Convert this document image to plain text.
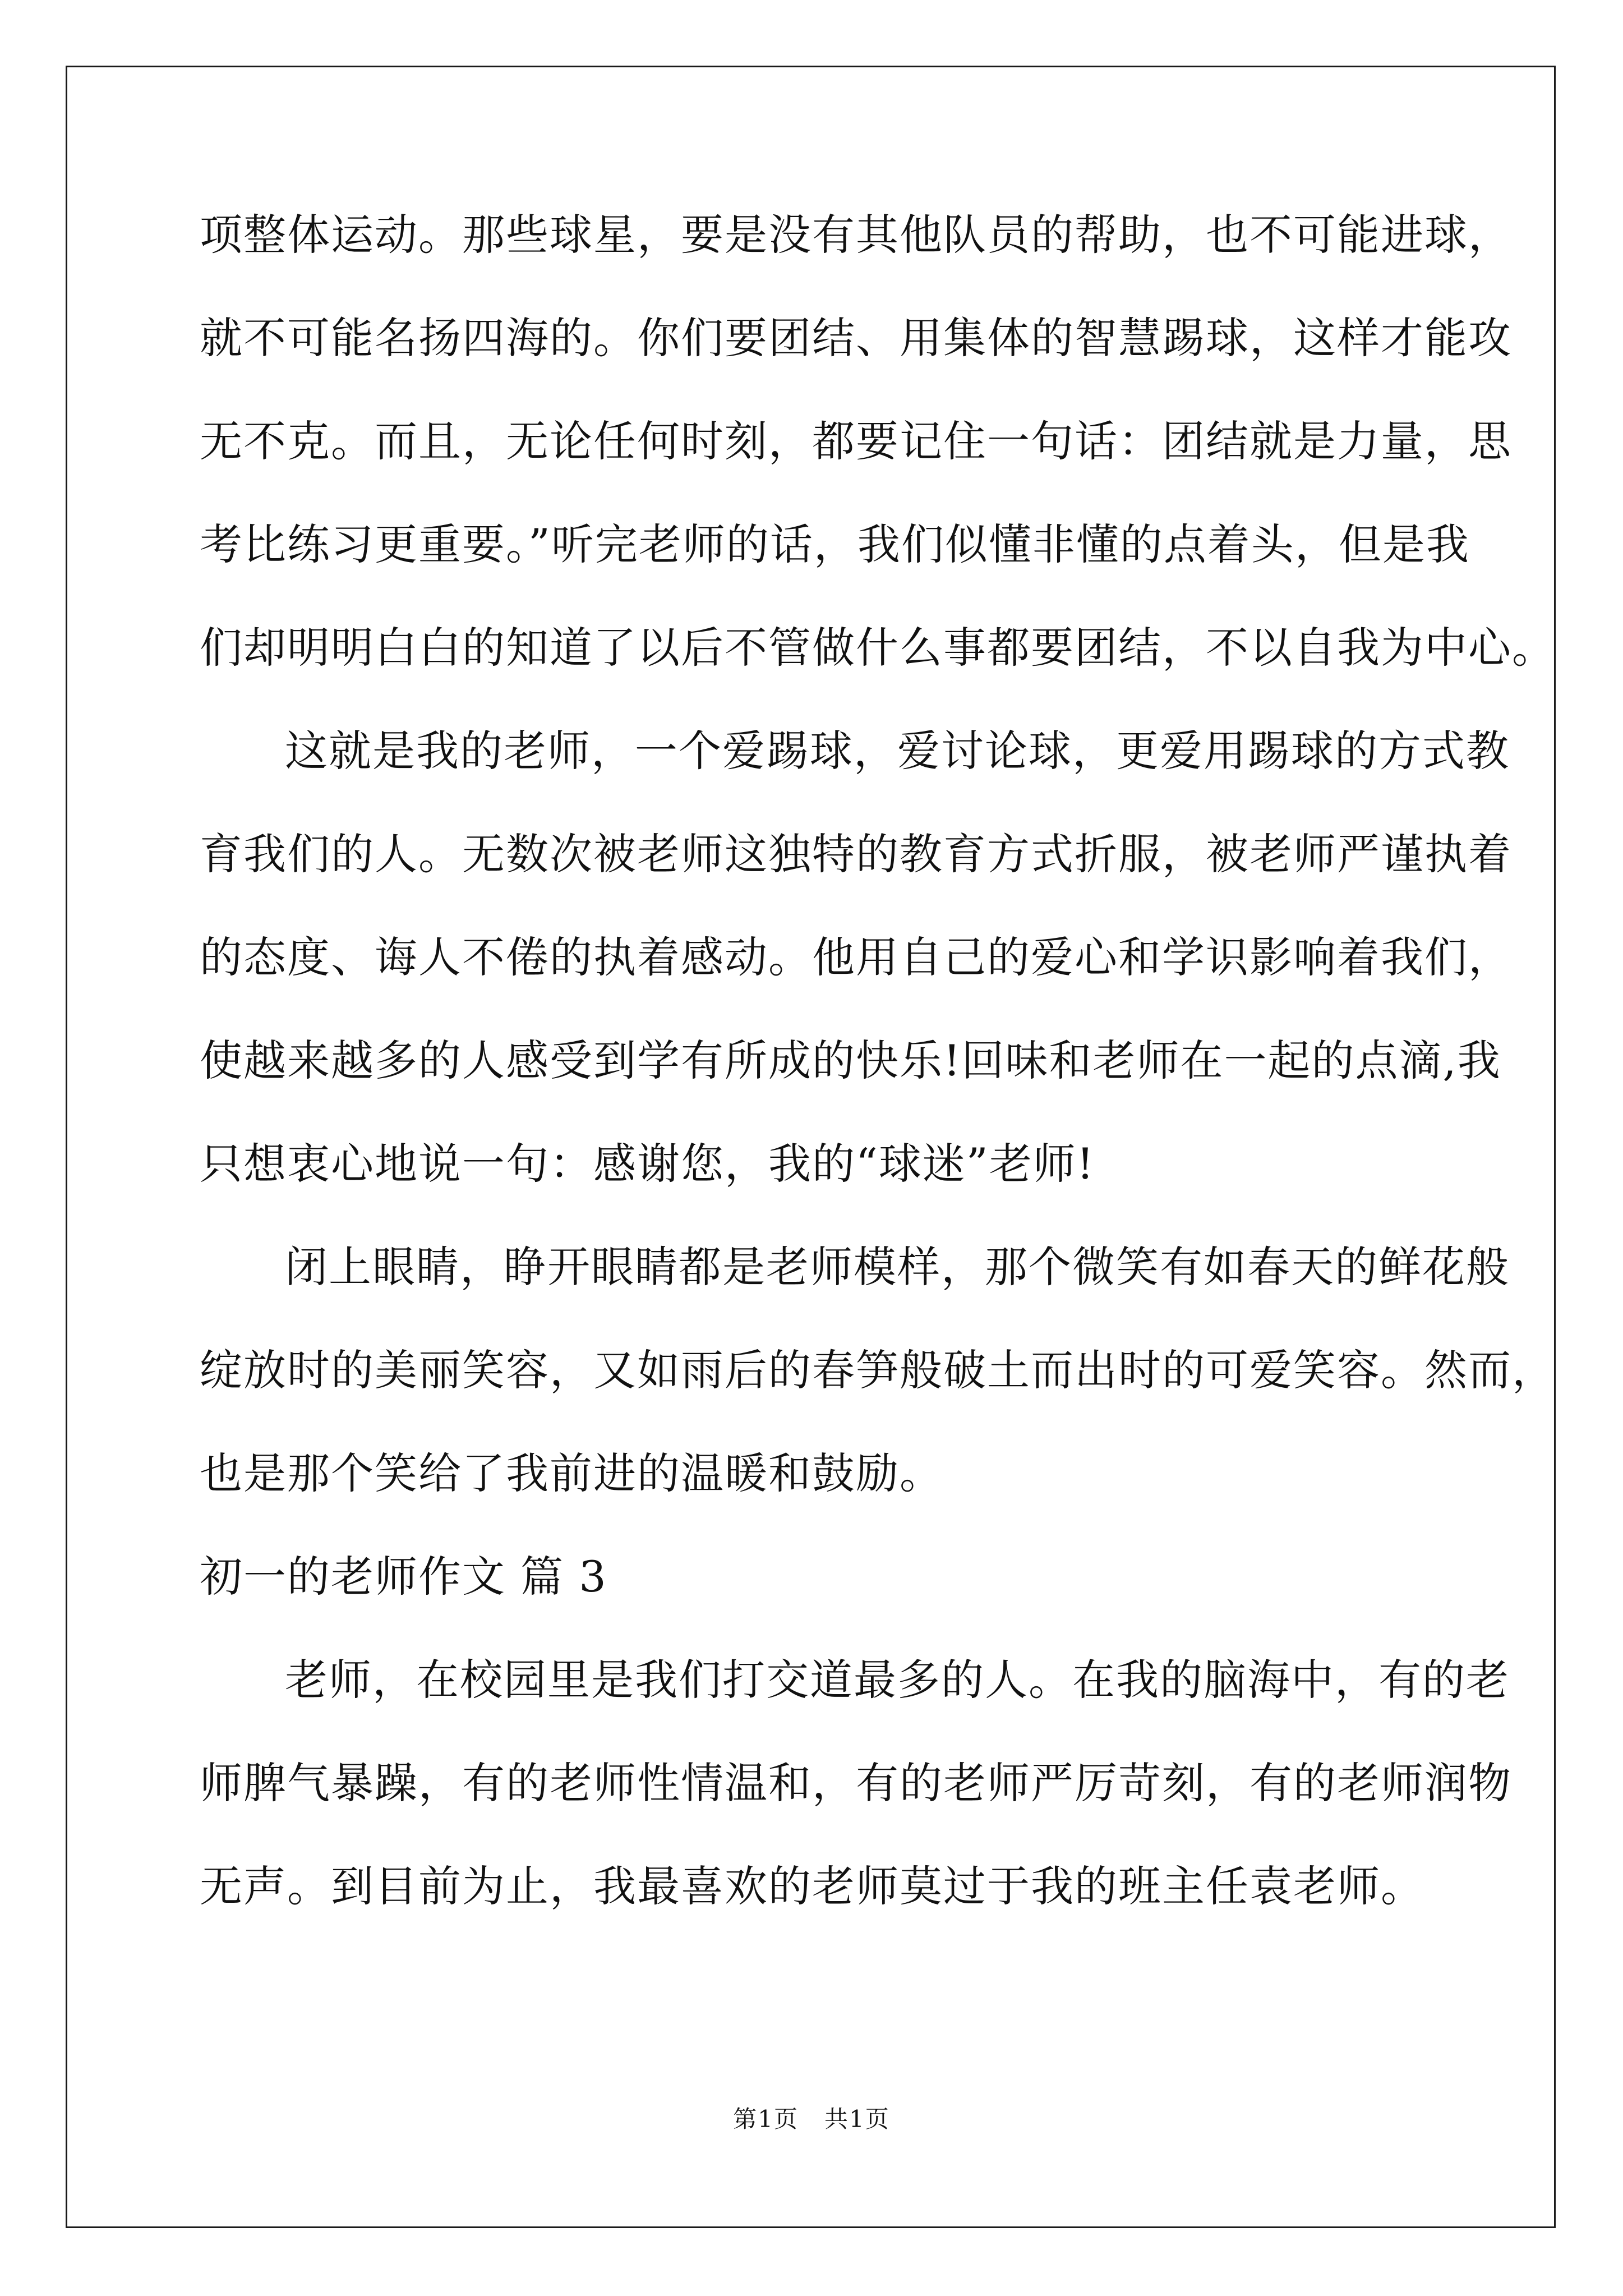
项整体运动。那些球星，要是没有其他队员的帮助，也不可能进球，
就不可能名扬四海的。你们要团结、用集体的智慧踢球，这样才能攻
无不克。而且，无论任何时刻，都要记住一句话：团结就是力量，思
考比练习更重要。”听完老师的话，我们似懂非懂的点着头，但是我
们却明明白白的知道了以后不管做什么事都要团结，不以自我为中心。
这就是我的老师，一个爱踢球，爱讨论球，更爱用踢球的方式教
育我们的人。无数次被老师这独特的教育方式折服，被老师严谨执着
的态度、诲人不倦的执着感动。他用自己的爱心和学识影响着我们，
使越来越多的人感受到学有所成的快乐!回味和老师在一起的点滴,我
只想衷心地说一句：感谢您，我的“球迷”老师!
闭上眼睛，睁开眼睛都是老师模样，那个微笑有如春天的鲜花般
绽放时的美丽笑容，又如雨后的春笋般破土而出时的可爱笑容。然而，
也是那个笑给了我前进的温暖和鼓励。
初一的老师作文 篇 3
老师，在校园里是我们打交道最多的人。在我的脑海中，有的老
师脾气暴躁，有的老师性情温和，有的老师严厉苛刻，有的老师润物
无声。到目前为止，我最喜欢的老师莫过于我的班主任袁老师。
第1页 共1页
